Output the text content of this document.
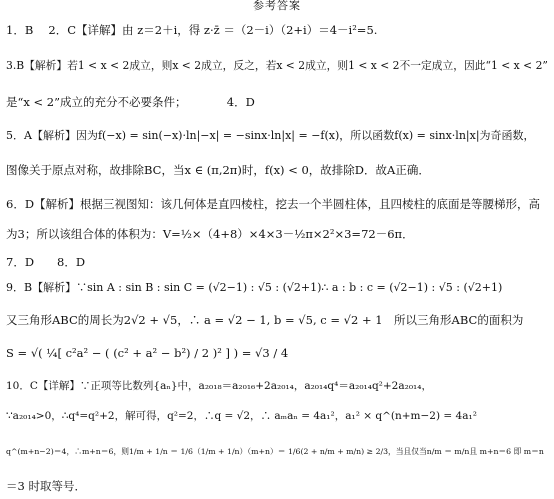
参考答案
1．B　 2．C【详解】由 z＝2＋i，得 z·z̄ ＝（2－i）（2+i）＝4－i²=5.
3.B【解析】若1 < x < 2成立，则x < 2成立，反之，若x < 2成立，则1 < x < 2不一定成立，因此“1 < x < 2”
是“x < 2”成立的充分不必要条件；　　　　4．D
5．A【解析】因为f(−x) = sin(−x)·ln|−x| = −sinx·ln|x| = −f(x)，所以函数f(x) = sinx·ln|x|为奇函数，
图像关于原点对称，故排除BC，当x ∈ (π,2π)时，f(x) < 0，故排除D．故A正确．
6．D【解析】根据三视图知：该几何体是直四棱柱，挖去一个半圆柱体，且四棱柱的底面是等腰梯形，高
为3；所以该组合体的体积为：V=½×（4+8）×4×3－½π×2²×3=72－6π．
7．D　　8．D
9．B【解析】∵sin A : sin B : sin C = (√2−1) : √5 : (√2+1)∴ a : b : c = (√2−1) : √5 : (√2+1)
又三角形ABC的周长为2√2 + √5，∴ a = √2 − 1, b = √5, c = √2 + 1　所以三角形ABC的面积为
S = √( ¼[ c²a² − ( (c² + a² − b²) / 2 )² ] ) = √3 / 4
10．C【详解】∵正项等比数列{aₙ}中，a₂₀₁₈＝a₂₀₁₆+2a₂₀₁₄，a₂₀₁₄q⁴＝a₂₀₁₄q²+2a₂₀₁₄，
∵a₂₀₁₄>0，∴q⁴=q²+2，解可得，q²=2，∴q = √2，∴ aₘaₙ = 4a₁²，a₁² × q^(n+m−2) = 4a₁²
q^(m+n−2)＝4，∴m+n＝6，则1/m + 1/n ＝ 1/6（1/m + 1/n）（m+n）＝ 1/6(2 + n/m + m/n) ≥ 2/3，当且仅当n/m ＝ m/n且 m+n＝6 即 m＝n
＝3 时取等号．
